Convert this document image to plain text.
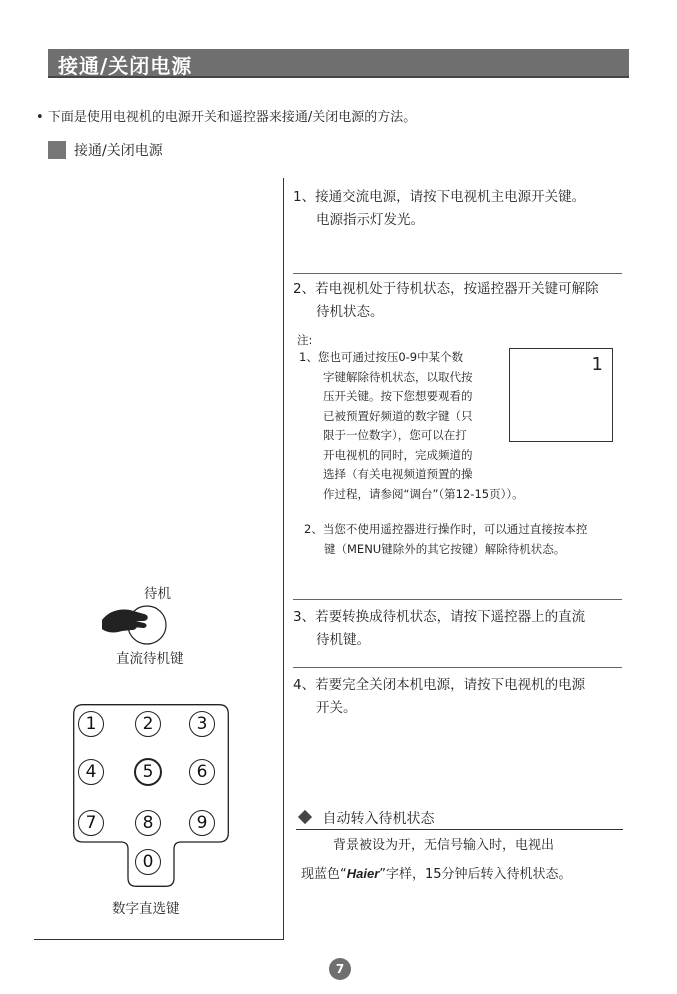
接通/关闭电源
• 下面是使用电视机的电源开关和遥控器来接通/关闭电源的方法。
接通/关闭电源
1、接通交流电源，请按下电视机主电源开关键。
电源指示灯发光。
2、若电视机处于待机状态，按遥控器开关键可解除
待机状态。
注:
1、您也可通过按压0-9中某个数
字键解除待机状态，以取代按
压开关键。按下您想要观看的
已被预置好频道的数字键（只
限于一位数字），您可以在打
开电视机的同时，完成频道的
选择（有关电视频道预置的操
作过程，请参阅“调台”（第12-15页））。
1
2、当您不使用遥控器进行操作时，可以通过直接按本控
键（MENU键除外的其它按键）解除待机状态。
3、若要转换成待机状态，请按下遥控器上的直流
待机键。
4、若要完全关闭本机电源，请按下电视机的电源
开关。
待机
直流待机键
1	2	3
4	5	6
7	8	9
0
数字直选键
自动转入待机状态
背景被设为开，无信号输入时，电视出
现蓝色“Haier”字样，15分钟后转入待机状态。
7
